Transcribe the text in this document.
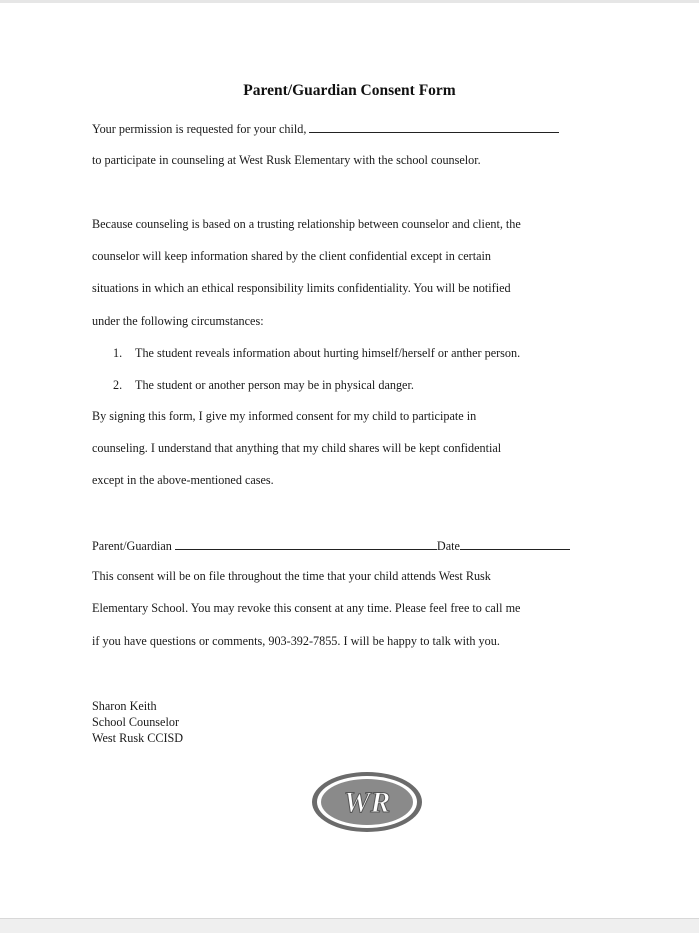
Parent/Guardian Consent Form
Your permission is requested for your child,
to participate in counseling at West Rusk Elementary with the school counselor.
Because counseling is based on a trusting relationship between counselor and client, the
counselor will keep information shared by the client confidential except in certain
situations in which an ethical responsibility limits confidentiality. You will be notified
under the following circumstances:
1. The student reveals information about hurting himself/herself or anther person.
2. The student or another person may be in physical danger.
By signing this form, I give my informed consent for my child to participate in
counseling. I understand that anything that my child shares will be kept confidential
except in the above-mentioned cases.
Parent/Guardian	Date
This consent will be on file throughout the time that your child attends West Rusk
Elementary School. You may revoke this consent at any time. Please feel free to call me
if you have questions or comments, 903-392-7855. I will be happy to talk with you.
Sharon Keith
School Counselor
West Rusk CCISD
WR
